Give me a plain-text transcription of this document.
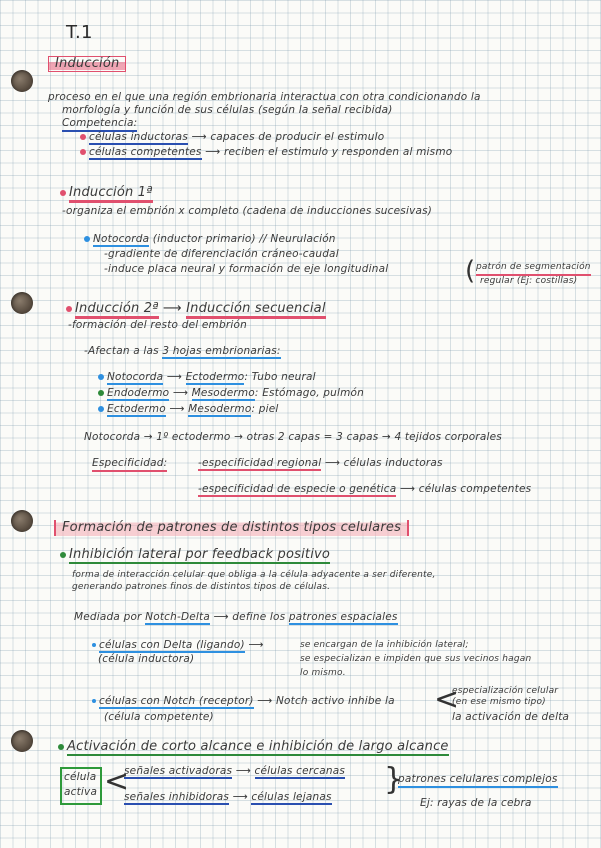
T.1
Inducción
proceso en el que una región embrionaria interactua con otra condicionando la
morfología y función de sus células (según la señal recibida)
Competencia:
células inductoras ⟶ capaces de producir el estimulo
células competentes ⟶ reciben el estimulo y responden al mismo
Inducción 1ª
-organiza el embrión x completo (cadena de inducciones sucesivas)
Notocorda (inductor primario) // Neurulación
-gradiente de diferenciación cráneo-caudal
-induce placa neural y formación de eje longitudinal	( patrón de segmentación
regular (Ej: costillas)
Inducción 2ª ⟶ Inducción secuencial
-formación del resto del embrión
-Afectan a las 3 hojas embrionarias:
Notocorda ⟶ Ectodermo: Tubo neural
Endodermo ⟶ Mesodermo: Estómago, pulmón
Ectodermo ⟶ Mesodermo: piel
Notocorda → 1º ectodermo → otras 2 capas = 3 capas → 4 tejidos corporales
Especificidad:	-especificidad regional ⟶ células inductoras
-especificidad de especie o genética ⟶ células competentes
Formación de patrones de distintos tipos celulares
Inhibición lateral por feedback positivo
forma de interacción celular que obliga a la célula adyacente a ser diferente,
generando patrones finos de distintos tipos de células.
Mediada por Notch-Delta ⟶ define los patrones espaciales
células con Delta (ligando) ⟶
(célula inductora)
se encargan de la inhibición lateral;
se especializan e impiden que sus vecinos hagan
lo mismo.
células con Notch (receptor) ⟶ Notch activo inhibe la
(célula competente)	<
especialización celular
(en ese mismo tipo)
la activación de delta
Activación de corto alcance e inhibición de largo alcance
célula
activa <
señales activadoras ⟶ células cercanas
señales inhibidoras ⟶ células lejanas }
patrones celulares complejos
Ej: rayas de la cebra
